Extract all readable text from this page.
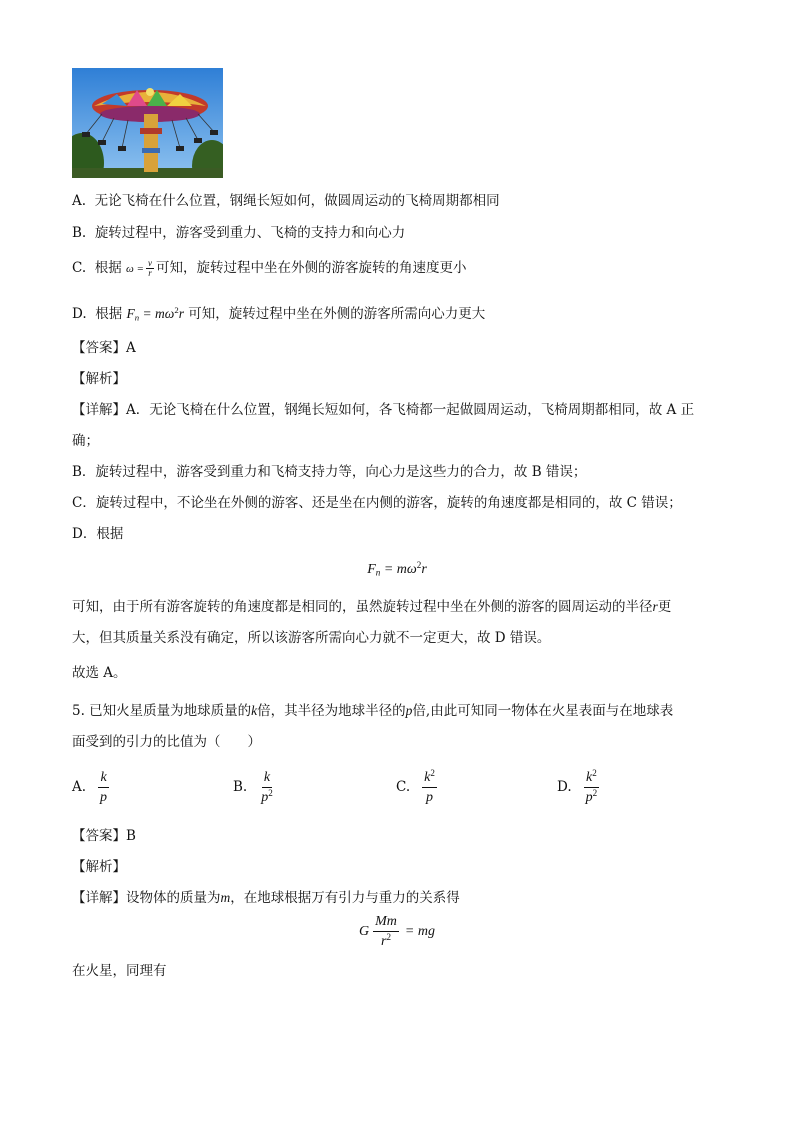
A. 无论飞椅在什么位置，钢绳长短如何，做圆周运动的飞椅周期都相同
B. 旋转过程中，游客受到重力、飞椅的支持力和向心力
C. 根据 $\omega = \frac{v}{r}$ 可知，旋转过程中坐在外侧的游客旋转的角速度更小
D. 根据 $F_n = m\omega^2r$ 可知，旋转过程中坐在外侧的游客所需向心力更大
【答案】A
【解析】
【详解】A．无论飞椅在什么位置，钢绳长短如何，各飞椅都一起做圆周运动，飞椅周期都相同，故 A 正
确；
B．旋转过程中，游客受到重力和飞椅支持力等，向心力是这些力的合力，故 B 错误；
C．旋转过程中，不论坐在外侧的游客、还是坐在内侧的游客，旋转的角速度都是相同的，故 C 错误；
D．根据
$F_n = m\omega^2r$
可知，由于所有游客旋转的角速度都是相同的，虽然旋转过程中坐在外侧的游客的圆周运动的半径r更
大，但其质量关系没有确定，所以该游客所需向心力就不一定更大，故 D 错误。
故选 A。
5. 已知火星质量为地球质量的k倍，其半径为地球半径的p倍,由此可知同一物体在火星表面与在地球表
面受到的引力的比值为（　　）
A. $\frac{k}{p}$	B. $\frac{k}{p^2}$	C. $\frac{k^2}{p}$	D. $\frac{k^2}{p^2}$
【答案】B
【解析】
【详解】设物体的质量为m，在地球根据万有引力与重力的关系得
G $\frac{Mm}{r^2}$ = mg
在火星，同理有
